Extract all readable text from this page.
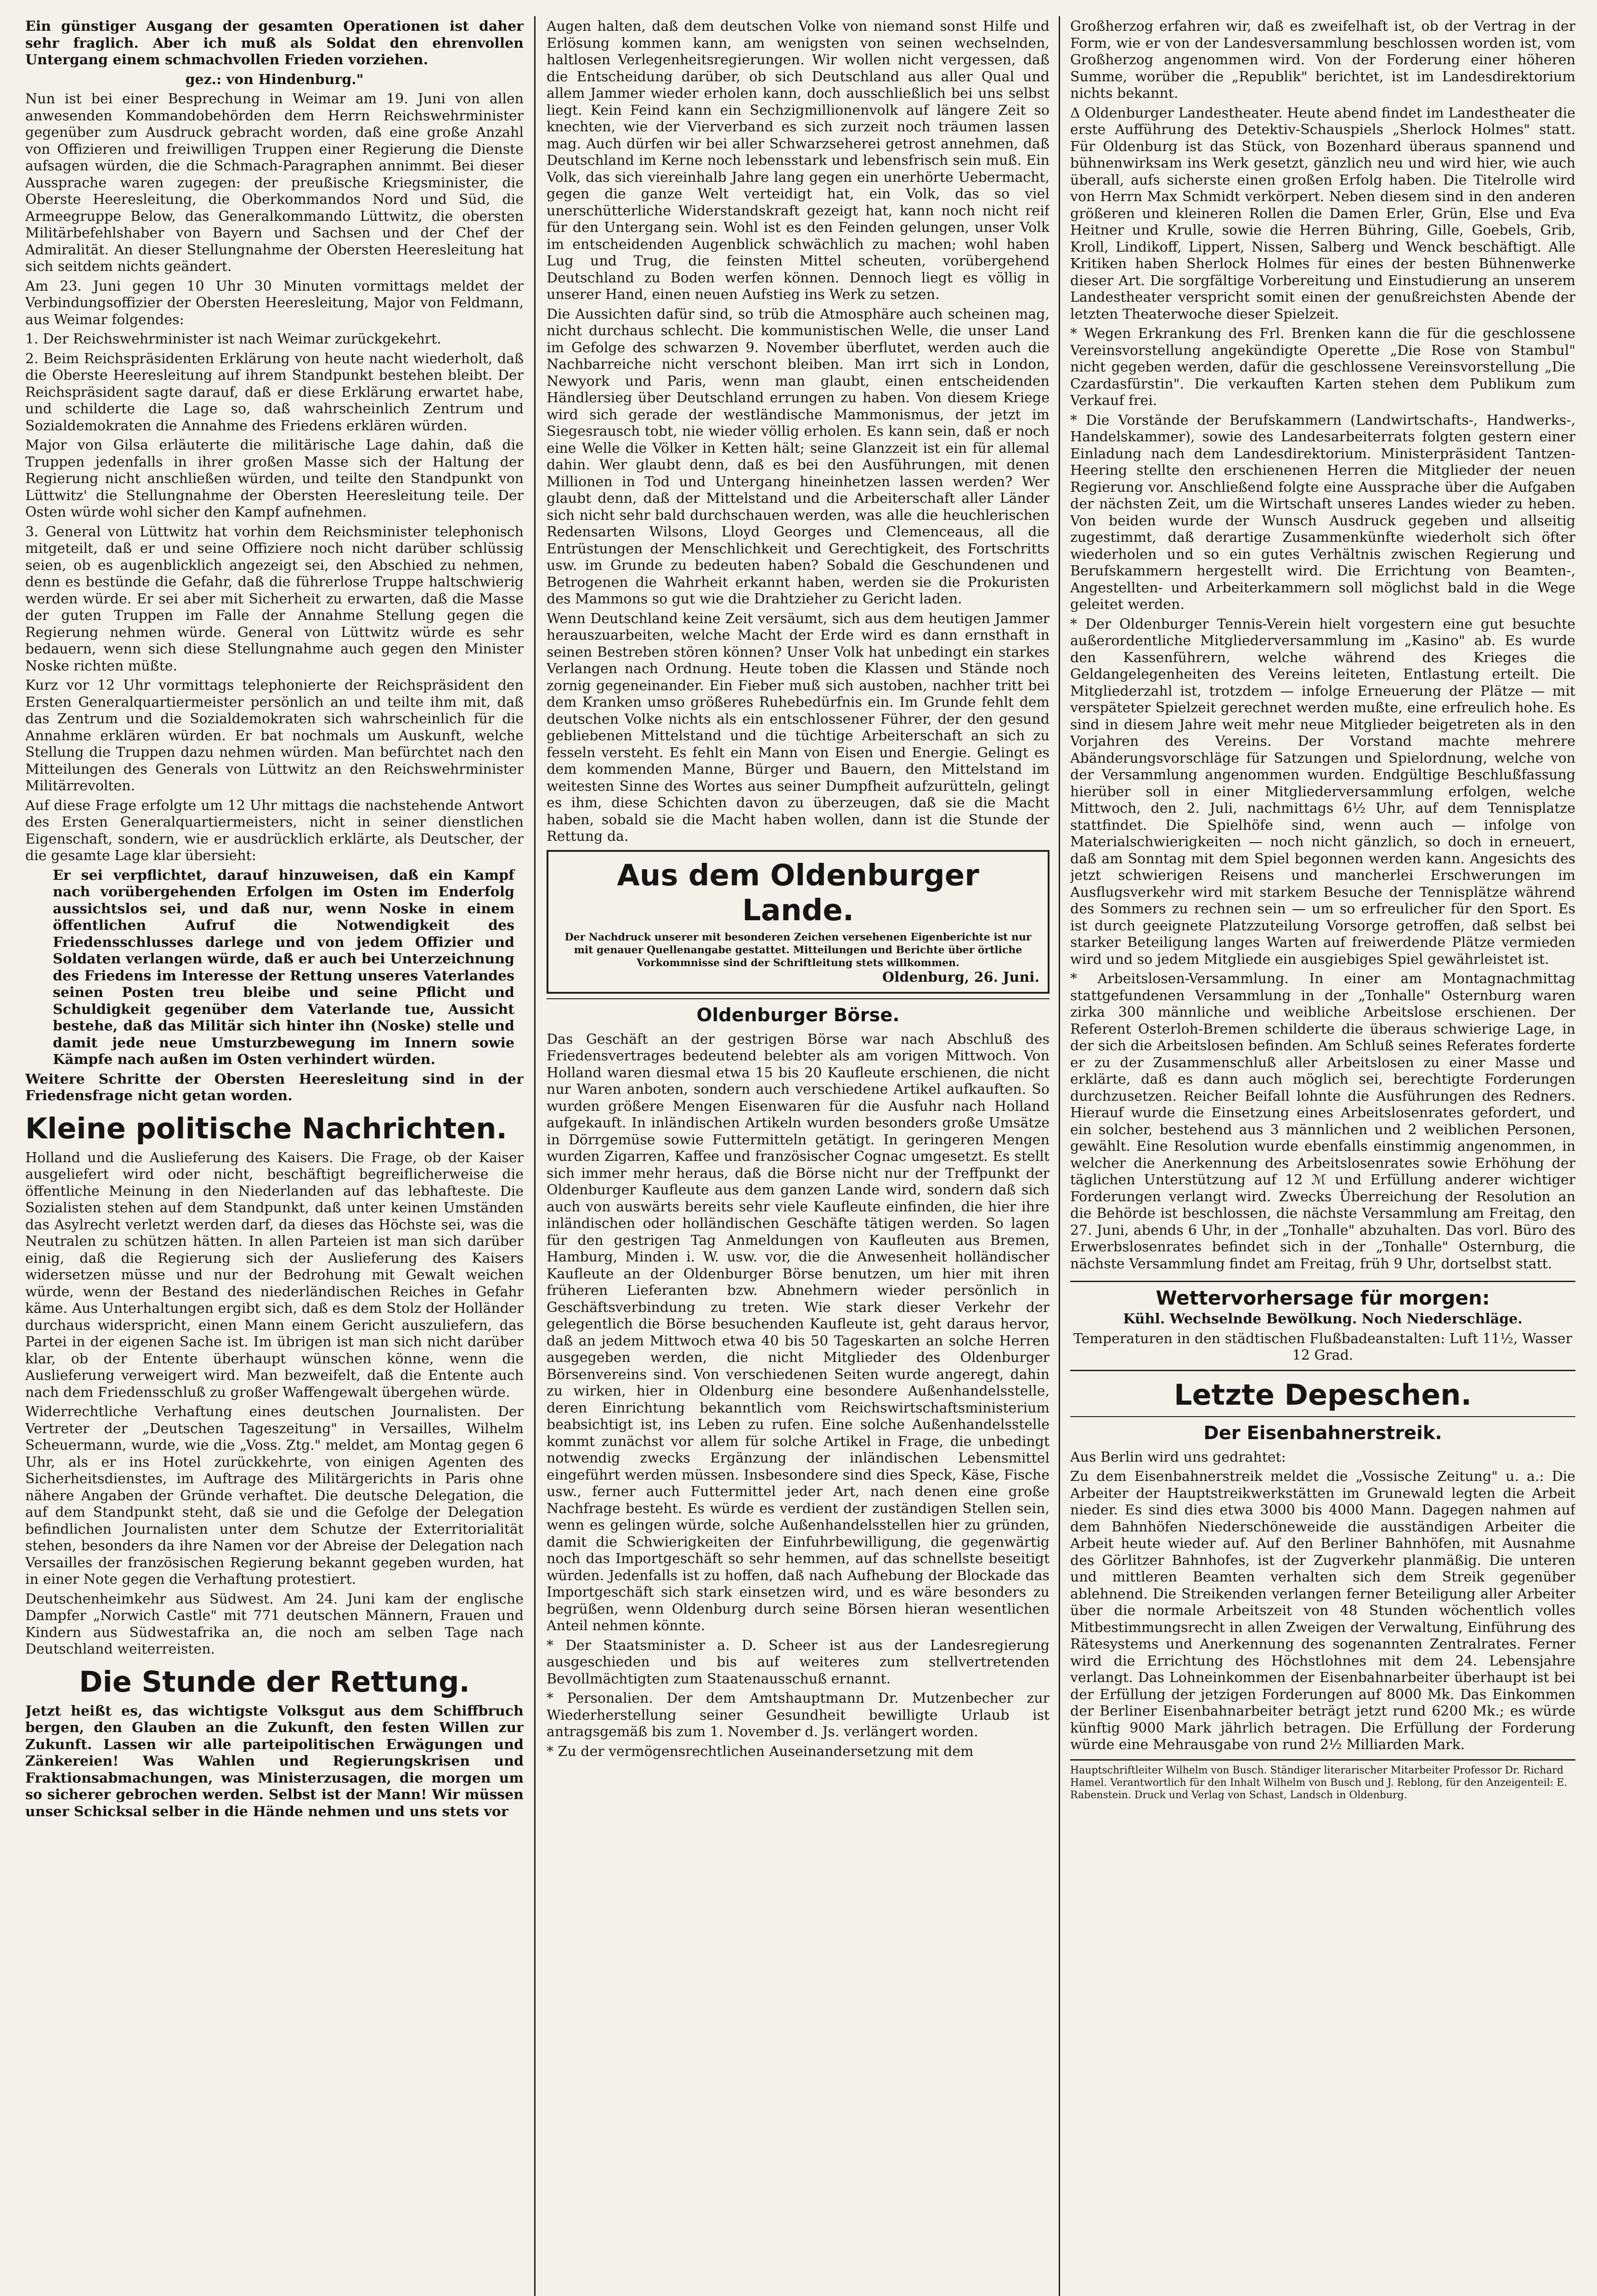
Ein günstiger Ausgang der gesamten Operationen ist daher sehr fraglich. Aber ich muß als Soldat den ehrenvollen Untergang einem schmachvollen Frieden vorziehen.

gez.: von Hindenburg."

Nun ist bei einer Besprechung in Weimar am 19. Juni von allen anwesenden Kommandobehörden dem Herrn Reichswehrminister gegenüber zum Ausdruck gebracht worden, daß eine große Anzahl von Offizieren und freiwilligen Truppen einer Regierung die Dienste aufsagen würden, die die Schmach-Paragraphen annimmt. Bei dieser Aussprache waren zugegen: der preußische Kriegsminister, die Oberste Heeresleitung, die Oberkommandos Nord und Süd, die Armeegruppe Below, das Generalkommando Lüttwitz, die obersten Militärbefehlshaber von Bayern und Sachsen und der Chef der Admiralität. An dieser Stellungnahme der Obersten Heeresleitung hat sich seitdem nichts geändert.

Am 23. Juni gegen 10 Uhr 30 Minuten vormittags meldet der Verbindungsoffizier der Obersten Heeresleitung, Major von Feldmann, aus Weimar folgendes:

1. Der Reichswehrminister ist nach Weimar zurückgekehrt.

2. Beim Reichspräsidenten Erklärung von heute nacht wiederholt, daß die Oberste Heeresleitung auf ihrem Standpunkt bestehen bleibt. Der Reichspräsident sagte darauf, daß er diese Erklärung erwartet habe, und schilderte die Lage so, daß wahrscheinlich Zentrum und Sozialdemokraten die Annahme des Friedens erklären würden.

Major von Gilsa erläuterte die militärische Lage dahin, daß die Truppen jedenfalls in ihrer großen Masse sich der Haltung der Regierung nicht anschließen würden, und teilte den Standpunkt von Lüttwitz' die Stellungnahme der Obersten Heeresleitung teile. Der Osten würde wohl sicher den Kampf aufnehmen.

3. General von Lüttwitz hat vorhin dem Reichsminister telephonisch mitgeteilt, daß er und seine Offiziere noch nicht darüber schlüssig seien, ob es augenblicklich angezeigt sei, den Abschied zu nehmen, denn es bestünde die Gefahr, daß die führerlose Truppe haltschwierig werden würde. Er sei aber mit Sicherheit zu erwarten, daß die Masse der guten Truppen im Falle der Annahme Stellung gegen die Regierung nehmen würde. General von Lüttwitz würde es sehr bedauern, wenn sich diese Stellungnahme auch gegen den Minister Noske richten müßte.

Kurz vor 12 Uhr vormittags telephonierte der Reichspräsident den Ersten Generalquartiermeister persönlich an und teilte ihm mit, daß das Zentrum und die Sozialdemokraten sich wahrscheinlich für die Annahme erklären würden. Er bat nochmals um Auskunft, welche Stellung die Truppen dazu nehmen würden. Man befürchtet nach den Mitteilungen des Generals von Lüttwitz an den Reichswehrminister Militärrevolten.

Auf diese Frage erfolgte um 12 Uhr mittags die nachstehende Antwort des Ersten Generalquartiermeisters, nicht in seiner dienstlichen Eigenschaft, sondern, wie er ausdrücklich erklärte, als Deutscher, der die gesamte Lage klar übersieht:

Er sei verpflichtet, darauf hinzuweisen, daß ein Kampf nach vorübergehenden Erfolgen im Osten im Enderfolg aussichtslos sei, und daß nur, wenn Noske in einem öffentlichen Aufruf die Notwendigkeit des Friedensschlusses darlege und von jedem Offizier und Soldaten verlangen würde, daß er auch bei Unterzeichnung des Friedens im Interesse der Rettung unseres Vaterlandes seinen Posten treu bleibe und seine Pflicht und Schuldigkeit gegenüber dem Vaterlande tue, Aussicht bestehe, daß das Militär sich hinter ihn (Noske) stelle und damit jede neue Umsturzbewegung im Innern sowie Kämpfe nach außen im Osten verhindert würden.

Weitere Schritte der Obersten Heeresleitung sind in der Friedensfrage nicht getan worden.

Kleine politische Nachrichten.

Holland und die Auslieferung des Kaisers. Die Frage, ob der Kaiser ausgeliefert wird oder nicht, beschäftigt begreiflicherweise die öffentliche Meinung in den Niederlanden auf das lebhafteste. Die Sozialisten stehen auf dem Standpunkt, daß unter keinen Umständen das Asylrecht verletzt werden darf, da dieses das Höchste sei, was die Neutralen zu schützen hätten. In allen Parteien ist man sich darüber einig, daß die Regierung sich der Auslieferung des Kaisers widersetzen müsse und nur der Bedrohung mit Gewalt weichen würde, wenn der Bestand des niederländischen Reiches in Gefahr käme. Aus Unterhaltungen ergibt sich, daß es dem Stolz der Holländer durchaus widerspricht, einen Mann einem Gericht auszuliefern, das Partei in der eigenen Sache ist. Im übrigen ist man sich nicht darüber klar, ob der Entente überhaupt wünschen könne, wenn die Auslieferung verweigert wird. Man bezweifelt, daß die Entente auch nach dem Friedensschluß zu großer Waffengewalt übergehen würde.

Widerrechtliche Verhaftung eines deutschen Journalisten. Der Vertreter der „Deutschen Tageszeitung" in Versailles, Wilhelm Scheuermann, wurde, wie die „Voss. Ztg." meldet, am Montag gegen 6 Uhr, als er ins Hotel zurückkehrte, von einigen Agenten des Sicherheitsdienstes, im Auftrage des Militärgerichts in Paris ohne nähere Angaben der Gründe verhaftet. Die deutsche Delegation, die auf dem Standpunkt steht, daß sie und die Gefolge der Delegation befindlichen Journalisten unter dem Schutze der Exterritorialität stehen, besonders da ihre Namen vor der Abreise der Delegation nach Versailles der französischen Regierung bekannt gegeben wurden, hat in einer Note gegen die Verhaftung protestiert.

Deutschenheimkehr aus Südwest. Am 24. Juni kam der englische Dampfer „Norwich Castle" mit 771 deutschen Männern, Frauen und Kindern aus Südwestafrika an, die noch am selben Tage nach Deutschland weiterreisten.

Die Stunde der Rettung.

Jetzt heißt es, das wichtigste Volksgut aus dem Schiffbruch bergen, den Glauben an die Zukunft, den festen Willen zur Zukunft. Lassen wir alle parteipolitischen Erwägungen und Zänkereien! Was Wahlen und Regierungskrisen und Fraktionsabmachungen, was Ministerzusagen, die morgen um so sicherer gebrochen werden. Selbst ist der Mann! Wir müssen unser Schicksal selber in die Hände nehmen und uns stets vor

Augen halten, daß dem deutschen Volke von niemand sonst Hilfe und Erlösung kommen kann, am wenigsten von seinen wechselnden, haltlosen Verlegenheitsregierungen. Wir wollen nicht vergessen, daß die Entscheidung darüber, ob sich Deutschland aus aller Qual und allem Jammer wieder erholen kann, doch ausschließlich bei uns selbst liegt. Kein Feind kann ein Sechzigmillionenvolk auf längere Zeit so knechten, wie der Vierverband es sich zurzeit noch träumen lassen mag. Auch dürfen wir bei aller Schwarzseherei getrost annehmen, daß Deutschland im Kerne noch lebensstark und lebensfrisch sein muß. Ein Volk, das sich viereinhalb Jahre lang gegen ein unerhörte Uebermacht, gegen die ganze Welt verteidigt hat, ein Volk, das so viel unerschütterliche Widerstandskraft gezeigt hat, kann noch nicht reif für den Untergang sein. Wohl ist es den Feinden gelungen, unser Volk im entscheidenden Augenblick schwächlich zu machen; wohl haben Lug und Trug, die feinsten Mittel scheuten, vorübergehend Deutschland zu Boden werfen können. Dennoch liegt es völlig in unserer Hand, einen neuen Aufstieg ins Werk zu setzen.

Die Aussichten dafür sind, so trüb die Atmosphäre auch scheinen mag, nicht durchaus schlecht. Die kommunistischen Welle, die unser Land im Gefolge des schwarzen 9. November überflutet, werden auch die Nachbarreiche nicht verschont bleiben. Man irrt sich in London, Newyork und Paris, wenn man glaubt, einen entscheidenden Händlersieg über Deutschland errungen zu haben. Von diesem Kriege wird sich gerade der westländische Mammonismus, der jetzt im Siegesrausch tobt, nie wieder völlig erholen. Es kann sein, daß er noch eine Welle die Völker in Ketten hält; seine Glanzzeit ist ein für allemal dahin. Wer glaubt denn, daß es bei den Ausführungen, mit denen Millionen in Tod und Untergang hineinhetzen lassen werden? Wer glaubt denn, daß der Mittelstand und die Arbeiterschaft aller Länder sich nicht sehr bald durchschauen werden, was alle die heuchlerischen Redensarten Wilsons, Lloyd Georges und Clemenceaus, all die Entrüstungen der Menschlichkeit und Gerechtigkeit, des Fortschritts usw. im Grunde zu bedeuten haben? Sobald die Geschundenen und Betrogenen die Wahrheit erkannt haben, werden sie die Prokuristen des Mammons so gut wie die Drahtzieher zu Gericht laden.

Wenn Deutschland keine Zeit versäumt, sich aus dem heutigen Jammer herauszuarbeiten, welche Macht der Erde wird es dann ernsthaft in seinen Bestreben stören können? Unser Volk hat unbedingt ein starkes Verlangen nach Ordnung. Heute toben die Klassen und Stände noch zornig gegeneinander. Ein Fieber muß sich austoben, nachher tritt bei dem Kranken umso größeres Ruhebedürfnis ein. Im Grunde fehlt dem deutschen Volke nichts als ein entschlossener Führer, der den gesund gebliebenen Mittelstand und die tüchtige Arbeiterschaft an sich zu fesseln versteht. Es fehlt ein Mann von Eisen und Energie. Gelingt es dem kommenden Manne, Bürger und Bauern, den Mittelstand im weitesten Sinne des Wortes aus seiner Dumpfheit aufzurütteln, gelingt es ihm, diese Schichten davon zu überzeugen, daß sie die Macht haben, sobald sie die Macht haben wollen, dann ist die Stunde der Rettung da.

Aus dem Oldenburger Lande.
Der Nachdruck unserer mit besonderen Zeichen versehenen Eigenberichte ist nur mit genauer Quellenangabe gestattet. Mitteilungen und Berichte über örtliche Vorkommnisse sind der Schriftleitung stets willkommen.
Oldenburg, 26. Juni.
Oldenburger Börse.

Das Geschäft an der gestrigen Börse war nach Abschluß des Friedensvertrages bedeutend belebter als am vorigen Mittwoch. Von Holland waren diesmal etwa 15 bis 20 Kaufleute erschienen, die nicht nur Waren anboten, sondern auch verschiedene Artikel aufkauften. So wurden größere Mengen Eisenwaren für die Ausfuhr nach Holland aufgekauft. In inländischen Artikeln wurden besonders große Umsätze in Dörrgemüse sowie Futtermitteln getätigt. In geringeren Mengen wurden Zigarren, Kaffee und französischer Cognac umgesetzt. Es stellt sich immer mehr heraus, daß die Börse nicht nur der Treffpunkt der Oldenburger Kaufleute aus dem ganzen Lande wird, sondern daß sich auch von auswärts bereits sehr viele Kaufleute einfinden, die hier ihre inländischen oder holländischen Geschäfte tätigen werden. So lagen für den gestrigen Tag Anmeldungen von Kaufleuten aus Bremen, Hamburg, Minden i. W. usw. vor, die die Anwesenheit holländischer Kaufleute an der Oldenburger Börse benutzen, um hier mit ihren früheren Lieferanten bzw. Abnehmern wieder persönlich in Geschäftsverbindung zu treten. Wie stark dieser Verkehr der gelegentlich die Börse besuchenden Kaufleute ist, geht daraus hervor, daß an jedem Mittwoch etwa 40 bis 50 Tageskarten an solche Herren ausgegeben werden, die nicht Mitglieder des Oldenburger Börsenvereins sind. Von verschiedenen Seiten wurde angeregt, dahin zu wirken, hier in Oldenburg eine besondere Außenhandelsstelle, deren Einrichtung bekanntlich vom Reichswirtschaftsministerium beabsichtigt ist, ins Leben zu rufen. Eine solche Außenhandelsstelle kommt zunächst vor allem für solche Artikel in Frage, die unbedingt notwendig zwecks Ergänzung der inländischen Lebensmittel eingeführt werden müssen. Insbesondere sind dies Speck, Käse, Fische usw., ferner auch Futtermittel jeder Art, nach denen eine große Nachfrage besteht. Es würde es verdient der zuständigen Stellen sein, wenn es gelingen würde, solche Außenhandelsstellen hier zu gründen, damit die Schwierigkeiten der Einfuhrbewilligung, die gegenwärtig noch das Importgeschäft so sehr hemmen, auf das schnellste beseitigt würden. Jedenfalls ist zu hoffen, daß nach Aufhebung der Blockade das Importgeschäft sich stark einsetzen wird, und es wäre besonders zu begrüßen, wenn Oldenburg durch seine Börsen hieran wesentlichen Anteil nehmen könnte.

* Der Staatsminister a. D. Scheer ist aus der Landesregierung ausgeschieden und bis auf weiteres zum stellvertretenden Bevollmächtigten zum Staatenausschuß ernannt.

* Personalien. Der dem Amtshauptmann Dr. Mutzenbecher zur Wiederherstellung seiner Gesundheit bewilligte Urlaub ist antragsgemäß bis zum 1. November d. Js. verlängert worden.

* Zu der vermögensrechtlichen Auseinandersetzung mit dem

Großherzog erfahren wir, daß es zweifelhaft ist, ob der Vertrag in der Form, wie er von der Landesversammlung beschlossen worden ist, vom Großherzog angenommen wird. Von der Forderung einer höheren Summe, worüber die „Republik" berichtet, ist im Landesdirektorium nichts bekannt.

Δ Oldenburger Landestheater. Heute abend findet im Landestheater die erste Aufführung des Detektiv-Schauspiels „Sherlock Holmes" statt. Für Oldenburg ist das Stück, von Bozenhard überaus spannend und bühnenwirksam ins Werk gesetzt, gänzlich neu und wird hier, wie auch überall, aufs sicherste einen großen Erfolg haben. Die Titelrolle wird von Herrn Max Schmidt verkörpert. Neben diesem sind in den anderen größeren und kleineren Rollen die Damen Erler, Grün, Else und Eva Heitner und Krulle, sowie die Herren Bühring, Gille, Goebels, Grib, Kroll, Lindikoff, Lippert, Nissen, Salberg und Wenck beschäftigt. Alle Kritiken haben Sherlock Holmes für eines der besten Bühnenwerke dieser Art. Die sorgfältige Vorbereitung und Einstudierung an unserem Landestheater verspricht somit einen der genußreichsten Abende der letzten Theaterwoche dieser Spielzeit.

* Wegen Erkrankung des Frl. Brenken kann die für die geschlossene Vereinsvorstellung angekündigte Operette „Die Rose von Stambul" nicht gegeben werden, dafür die geschlossene Vereinsvorstellung „Die Czardasfürstin". Die verkauften Karten stehen dem Publikum zum Verkauf frei.

* Die Vorstände der Berufskammern (Landwirtschafts-, Handwerks-, Handelskammer), sowie des Landesarbeiterrats folgten gestern einer Einladung nach dem Landesdirektorium. Ministerpräsident Tantzen-Heering stellte den erschienenen Herren die Mitglieder der neuen Regierung vor. Anschließend folgte eine Aussprache über die Aufgaben der nächsten Zeit, um die Wirtschaft unseres Landes wieder zu heben. Von beiden wurde der Wunsch Ausdruck gegeben und allseitig zugestimmt, daß derartige Zusammenkünfte wiederholt sich öfter wiederholen und so ein gutes Verhältnis zwischen Regierung und Berufskammern hergestellt wird. Die Errichtung von Beamten-, Angestellten- und Arbeiterkammern soll möglichst bald in die Wege geleitet werden.

* Der Oldenburger Tennis-Verein hielt vorgestern eine gut besuchte außerordentliche Mitgliederversammlung im „Kasino" ab. Es wurde den Kassenführern, welche während des Krieges die Geldangelegenheiten des Vereins leiteten, Entlastung erteilt. Die Mitgliederzahl ist, trotzdem — infolge Erneuerung der Plätze — mit verspäteter Spielzeit gerechnet werden mußte, eine erfreulich hohe. Es sind in diesem Jahre weit mehr neue Mitglieder beigetreten als in den Vorjahren des Vereins. Der Vorstand machte mehrere Abänderungsvorschläge für Satzungen und Spielordnung, welche von der Versammlung angenommen wurden. Endgültige Beschlußfassung hierüber soll in einer Mitgliederversammlung erfolgen, welche Mittwoch, den 2. Juli, nachmittags 6½ Uhr, auf dem Tennisplatze stattfindet. Die Spielhöfe sind, wenn auch — infolge von Materialschwierigkeiten — noch nicht gänzlich, so doch in erneuert, daß am Sonntag mit dem Spiel begonnen werden kann. Angesichts des jetzt schwierigen Reisens und mancherlei Erschwerungen im Ausflugsverkehr wird mit starkem Besuche der Tennisplätze während des Sommers zu rechnen sein — um so erfreulicher für den Sport. Es ist durch geeignete Platzzuteilung Vorsorge getroffen, daß selbst bei starker Beteiligung langes Warten auf freiwerdende Plätze vermieden wird und so jedem Mitgliede ein ausgiebiges Spiel gewährleistet ist.

* Arbeitslosen-Versammlung. In einer am Montagnachmittag stattgefundenen Versammlung in der „Tonhalle" Osternburg waren zirka 300 männliche und weibliche Arbeitslose erschienen. Der Referent Osterloh-Bremen schilderte die überaus schwierige Lage, in der sich die Arbeitslosen befinden. Am Schluß seines Referates forderte er zu der Zusammenschluß aller Arbeitslosen zu einer Masse und erklärte, daß es dann auch möglich sei, berechtigte Forderungen durchzusetzen. Reicher Beifall lohnte die Ausführungen des Redners. Hierauf wurde die Einsetzung eines Arbeitslosenrates gefordert, und ein solcher, bestehend aus 3 männlichen und 2 weiblichen Personen, gewählt. Eine Resolution wurde ebenfalls einstimmig angenommen, in welcher die Anerkennung des Arbeitslosenrates sowie Erhöhung der täglichen Unterstützung auf 12 ℳ und Erfüllung anderer wichtiger Forderungen verlangt wird. Zwecks Überreichung der Resolution an die Behörde ist beschlossen, die nächste Versammlung am Freitag, den 27. Juni, abends 6 Uhr, in der „Tonhalle" abzuhalten. Das vorl. Büro des Erwerbslosenrates befindet sich in der „Tonhalle" Osternburg, die nächste Versammlung findet am Freitag, früh 9 Uhr, dortselbst statt.

Wettervorhersage für morgen:

Kühl. Wechselnde Bewölkung. Noch Niederschläge.

Temperaturen in den städtischen Flußbadeanstalten: Luft 11½, Wasser 12 Grad.

Letzte Depeschen.
Der Eisenbahnerstreik.

Aus Berlin wird uns gedrahtet:

Zu dem Eisenbahnerstreik meldet die „Vossische Zeitung" u. a.: Die Arbeiter der Hauptstreikwerkstätten im Grunewald legten die Arbeit nieder. Es sind dies etwa 3000 bis 4000 Mann. Dagegen nahmen auf dem Bahnhöfen Niederschöneweide die ausständigen Arbeiter die Arbeit heute wieder auf. Auf den Berliner Bahnhöfen, mit Ausnahme des Görlitzer Bahnhofes, ist der Zugverkehr planmäßig. Die unteren und mittleren Beamten verhalten sich dem Streik gegenüber ablehnend. Die Streikenden verlangen ferner Beteiligung aller Arbeiter über die normale Arbeitszeit von 48 Stunden wöchentlich volles Mitbestimmungsrecht in allen Zweigen der Verwaltung, Einführung des Rätesystems und Anerkennung des sogenannten Zentralrates. Ferner wird die Errichtung des Höchstlohnes mit dem 24. Lebensjahre verlangt. Das Lohneinkommen der Eisenbahnarbeiter überhaupt ist bei der Erfüllung der jetzigen Forderungen auf 8000 Mk. Das Einkommen der Berliner Eisenbahnarbeiter beträgt jetzt rund 6200 Mk.; es würde künftig 9000 Mark jährlich betragen. Die Erfüllung der Forderung würde eine Mehrausgabe von rund 2½ Milliarden Mark.

Hauptschriftleiter Wilhelm von Busch. Ständiger literarischer Mitarbeiter Professor Dr. Richard Hamel. Verantwortlich für den Inhalt Wilhelm von Busch und J. Reblong, für den Anzeigenteil: E. Rabenstein. Druck und Verlag von Schast, Landsch in Oldenburg.
